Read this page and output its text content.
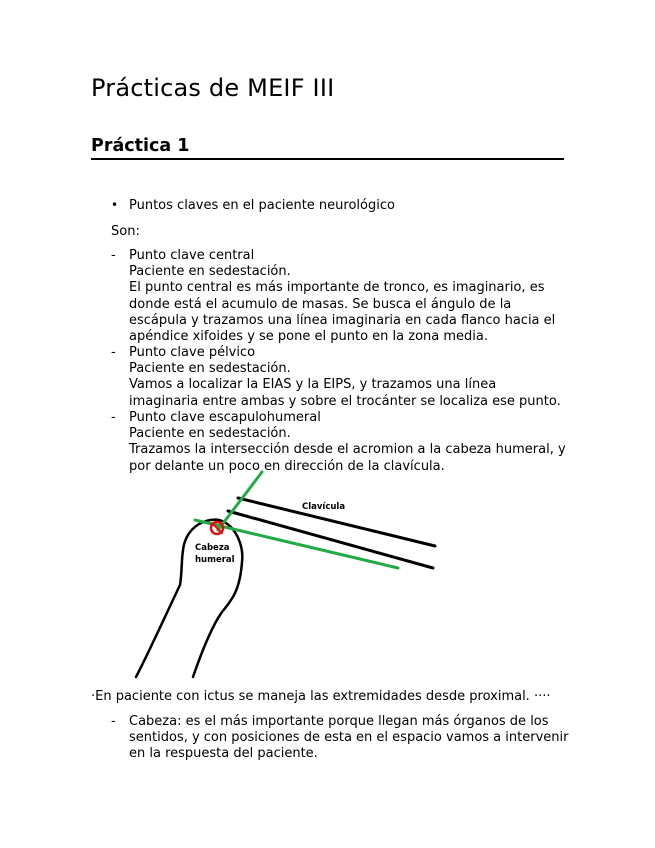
Prácticas de MEIF III
Práctica 1
• Puntos claves en el paciente neurológico
Son:
- Punto clave central
Paciente en sedestación.
El punto central es más importante de tronco, es imaginario, es
donde está el acumulo de masas. Se busca el ángulo de la
escápula y trazamos una línea imaginaria en cada flanco hacia el
apéndice xifoides y se pone el punto en la zona media.
- Punto clave pélvico
Paciente en sedestación.
Vamos a localizar la EIAS y la EIPS, y trazamos una línea
imaginaria entre ambas y sobre el trocánter se localiza ese punto.
- Punto clave escapulohumeral
Paciente en sedestación.
Trazamos la intersección desde el acromion a la cabeza humeral, y
por delante un poco en dirección de la clavícula.
Clavícula
Cabeza
humeral
·En paciente con ictus se maneja las extremidades desde proximal. ····
- Cabeza: es el más importante porque llegan más órganos de los
sentidos, y con posiciones de esta en el espacio vamos a intervenir
en la respuesta del paciente.
